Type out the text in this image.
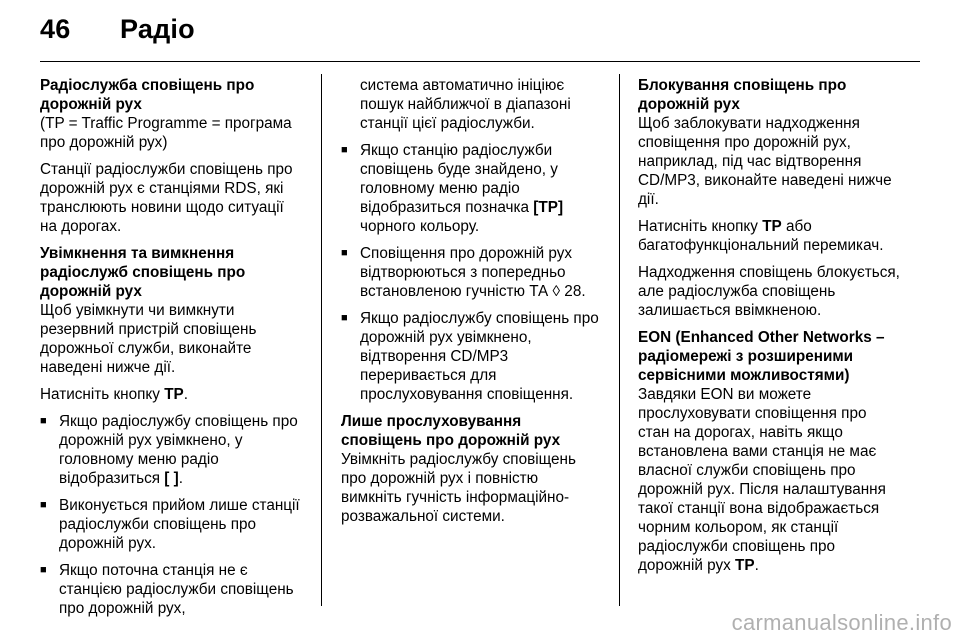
46 Радіо
Радіослужба сповіщень про дорожній рух

(TP = Traffic Programme = програма про дорожній рух)

Станції радіослужби сповіщень про дорожній рух є станціями RDS, які транслюють новини щодо ситуації на дорогах.

Увімкнення та вимкнення радіослужб сповіщень про дорожній рух

Щоб увімкнути чи вимкнути резервний пристрій сповіщень дорожньої служби, виконайте наведені нижче дії.

Натисніть кнопку TP.

■ Якщо радіослужбу сповіщень про дорожній рух увімкнено, у головному меню радіо відобразиться [ ].
■ Виконується прийом лише станції радіослужби сповіщень про дорожній рух.
■ Якщо поточна станція не є станцією радіослужби сповіщень про дорожній рух,
система автоматично ініціює пошук найближчої в діапазоні станції цієї радіослужби.
■ Якщо станцію радіослужби сповіщень буде знайдено, у головному меню радіо відобразиться позначка [TP] чорного кольору.
■ Сповіщення про дорожній рух відтворюються з попередньо встановленою гучністю ТА ◊ 28.
■ Якщо радіослужбу сповіщень про дорожній рух увімкнено, відтворення CD/MP3 переривається для прослуховування сповіщення.
Лише прослуховування сповіщень про дорожній рух

Увімкніть радіослужбу сповіщень про дорожній рух і повністю вимкніть гучність інформаційно-розважальної системи.

Блокування сповіщень про дорожній рух

Щоб заблокувати надходження сповіщення про дорожній рух, наприклад, під час відтворення CD/MP3, виконайте наведені нижче дії.

Натисніть кнопку TP або багатофункціональний перемикач.

Надходження сповіщень блокується, але радіослужба сповіщень залишається ввімкненою.

EON (Enhanced Other Networks – радіомережі з розширеними сервісними можливостями)

Завдяки EON ви можете прослуховувати сповіщення про стан на дорогах, навіть якщо встановлена вами станція не має власної служби сповіщень про дорожній рух. Після налаштування такої станції вона відображається чорним кольором, як станції радіослужби сповіщень про дорожній рух TP.

carmanualsonline.info
